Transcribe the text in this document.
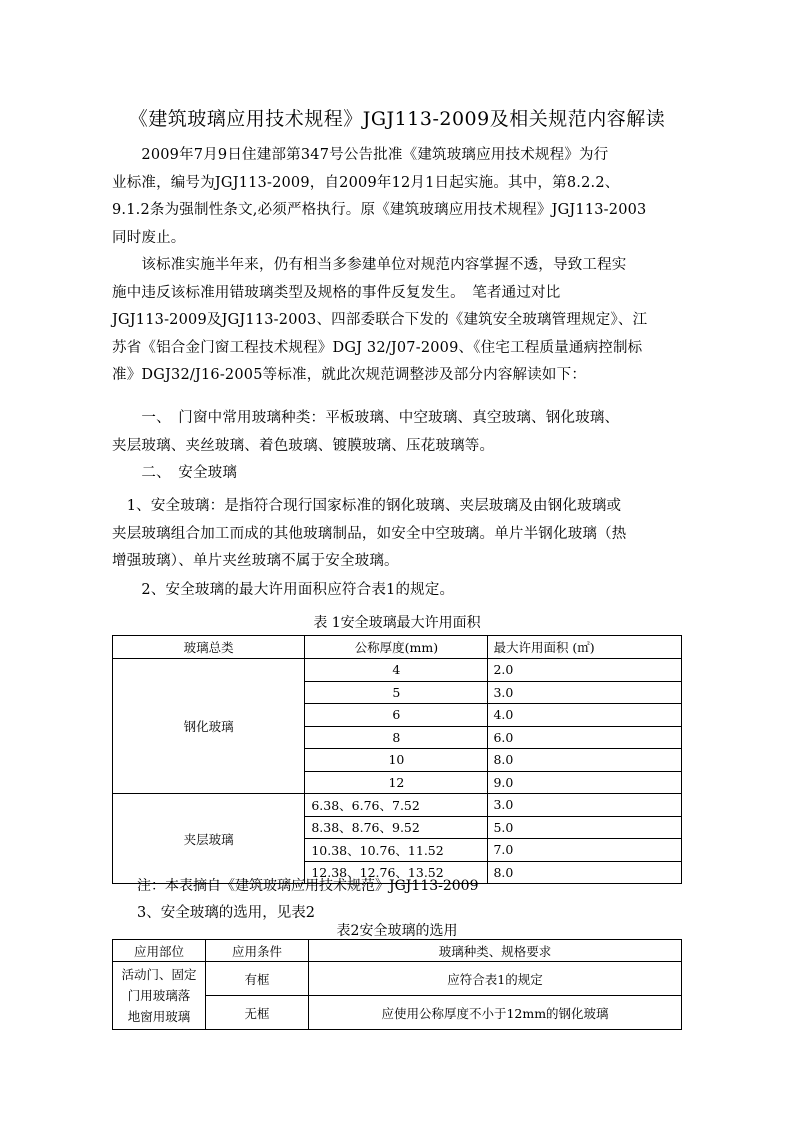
《建筑玻璃应用技术规程》JGJ113-2009及相关规范内容解读

　　2009年7月9日住建部第347号公告批准《建筑玻璃应用技术规程》为行
业标准，编号为JGJ113-2009，自2009年12月1日起实施。其中，第8.2.2、
9.1.2条为强制性条文,必须严格执行。原《建筑玻璃应用技术规程》JGJ113-2003
同时废止。

　　该标准实施半年来，仍有相当多参建单位对规范内容掌握不透，导致工程实
施中违反该标准用错玻璃类型及规格的事件反复发生。　笔者通过对比
JGJ113-2009及JGJ113-2003、四部委联合下发的《建筑安全玻璃管理规定》、江
苏省《铝合金门窗工程技术规程》DGJ 32/J07-2009、《住宅工程质量通病控制标
准》DGJ32/J16-2005等标准，就此次规范调整涉及部分内容解读如下：

　　一、　门窗中常用玻璃种类：平板玻璃、中空玻璃、真空玻璃、钢化玻璃、
夹层玻璃、夹丝玻璃、着色玻璃、镀膜玻璃、压花玻璃等。

　　二、　安全玻璃

　1、安全玻璃：是指符合现行国家标准的钢化玻璃、夹层玻璃及由钢化玻璃或
夹层玻璃组合加工而成的其他玻璃制品，如安全中空玻璃。单片半钢化玻璃（热
增强玻璃）、单片夹丝玻璃不属于安全玻璃。

　　2、安全玻璃的最大许用面积应符合表1的规定。

表 1安全玻璃最大许用面积
玻璃总类	公称厚度(mm)	最大许用面积 (㎡)
钢化玻璃	4	2.0
	5	3.0
	6	4.0
	8	6.0
	10	8.0
	12	9.0
夹层玻璃	6.38、6.76、7.52	3.0
	8.38、8.76、9.52	5.0
	10.38、10.76、11.52	7.0
	12.38、12.76、13.52	8.0
注：本表摘自《建筑玻璃应用技术规范》JGJ113-2009
3、安全玻璃的选用，见表2
表2安全玻璃的选用
应用部位	应用条件	玻璃种类、规格要求

活动门、固定
门用玻璃落
地窗用玻璃	有框	应符合表1的规定
	无框	应使用公称厚度不小于12mm的钢化玻璃
